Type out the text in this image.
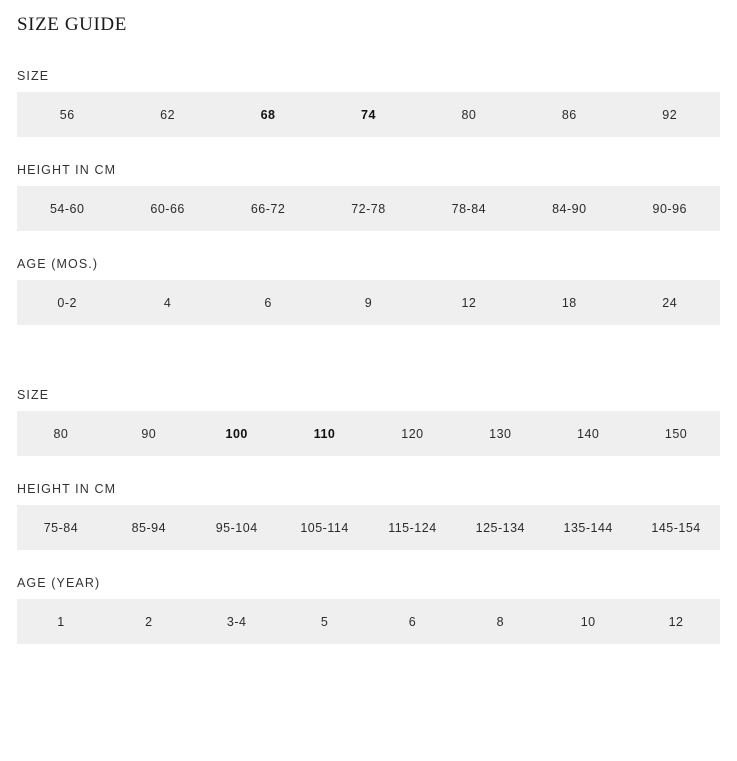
SIZE GUIDE
SIZE
56	62	68	74	80	86	92
HEIGHT IN CM
54-60	60-66	66-72	72-78	78-84	84-90	90-96
AGE (MOS.)
0-2	4	6	9	12	18	24
SIZE
80	90	100	110	120	130	140	150
HEIGHT IN CM
75-84	85-94	95-104	105-114	115-124	125-134	135-144	145-154
AGE (YEAR)
1	2	3-4	5	6	8	10	12
